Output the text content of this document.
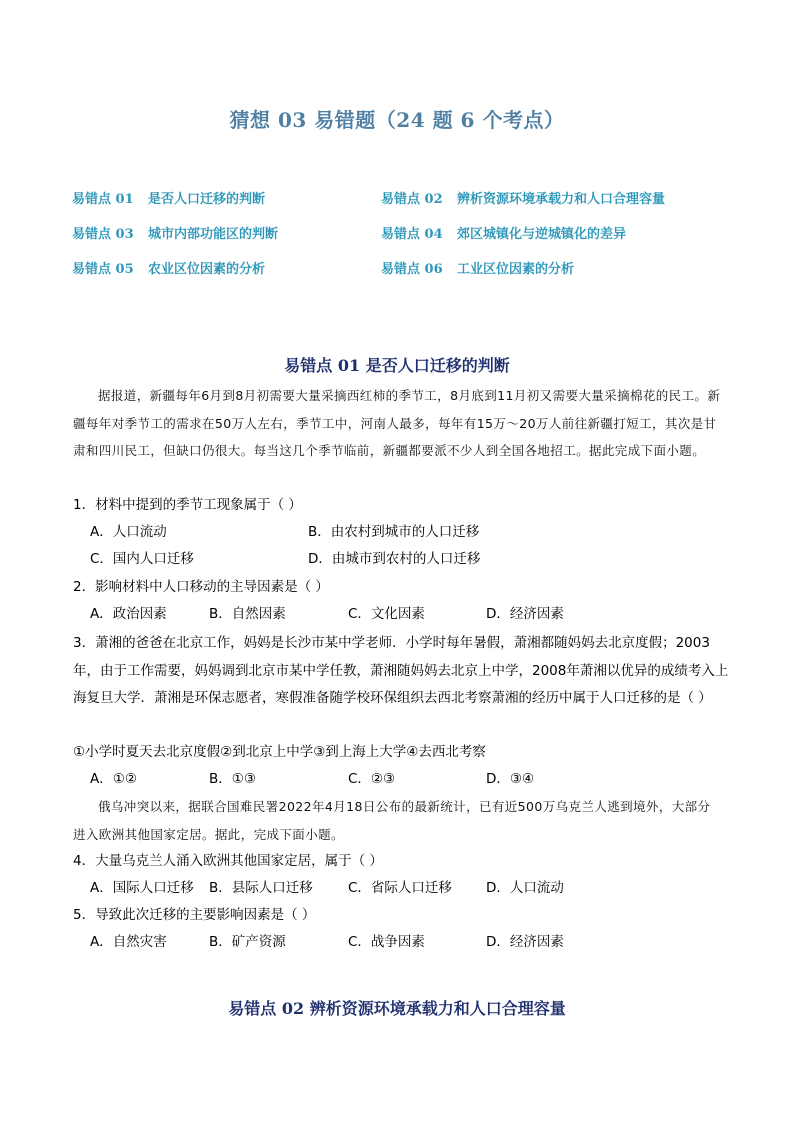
猜想 03 易错题（24 题 6 个考点）
易错点 01 是否人口迁移的判断	易错点 02 辨析资源环境承载力和人口合理容量
易错点 03 城市内部功能区的判断	易错点 04 郊区城镇化与逆城镇化的差异
易错点 05 农业区位因素的分析	易错点 06 工业区位因素的分析
易错点 01 是否人口迁移的判断
据报道，新疆每年6月到8月初需要大量采摘西红柿的季节工，8月底到11月初又需要大量采摘棉花的民工。新疆每年对季节工的需求在50万人左右，季节工中，河南人最多，每年有15万～20万人前往新疆打短工，其次是甘肃和四川民工，但缺口仍很大。每当这几个季节临前，新疆都要派不少人到全国各地招工。据此完成下面小题。
1．材料中提到的季节工现象属于（ ）
A．人口流动	B．由农村到城市的人口迁移
C．国内人口迁移	D．由城市到农村的人口迁移
2．影响材料中人口移动的主导因素是（ ）
A．政治因素	B．自然因素	C．文化因素	D．经济因素
3．萧湘的爸爸在北京工作，妈妈是长沙市某中学老师．小学时每年暑假，萧湘都随妈妈去北京度假；2003年，由于工作需要，妈妈调到北京市某中学任教，萧湘随妈妈去北京上中学，2008年萧湘以优异的成绩考入上海复旦大学．萧湘是环保志愿者，寒假准备随学校环保组织去西北考察萧湘的经历中属于人口迁移的是（ ）
①小学时夏天去北京度假②到北京上中学③到上海上大学④去西北考察
A．①②	B．①③	C．②③	D．③④
俄乌冲突以来，据联合国难民署2022年4月18日公布的最新统计，已有近500万乌克兰人逃到境外，大部分进入欧洲其他国家定居。据此，完成下面小题。
4．大量乌克兰人涌入欧洲其他国家定居，属于（ ）
A．国际人口迁移 B．县际人口迁移	C．省际人口迁移	D．人口流动
5．导致此次迁移的主要影响因素是（ ）
A．自然灾害	B．矿产资源	C．战争因素	D．经济因素
易错点 02 辨析资源环境承载力和人口合理容量
